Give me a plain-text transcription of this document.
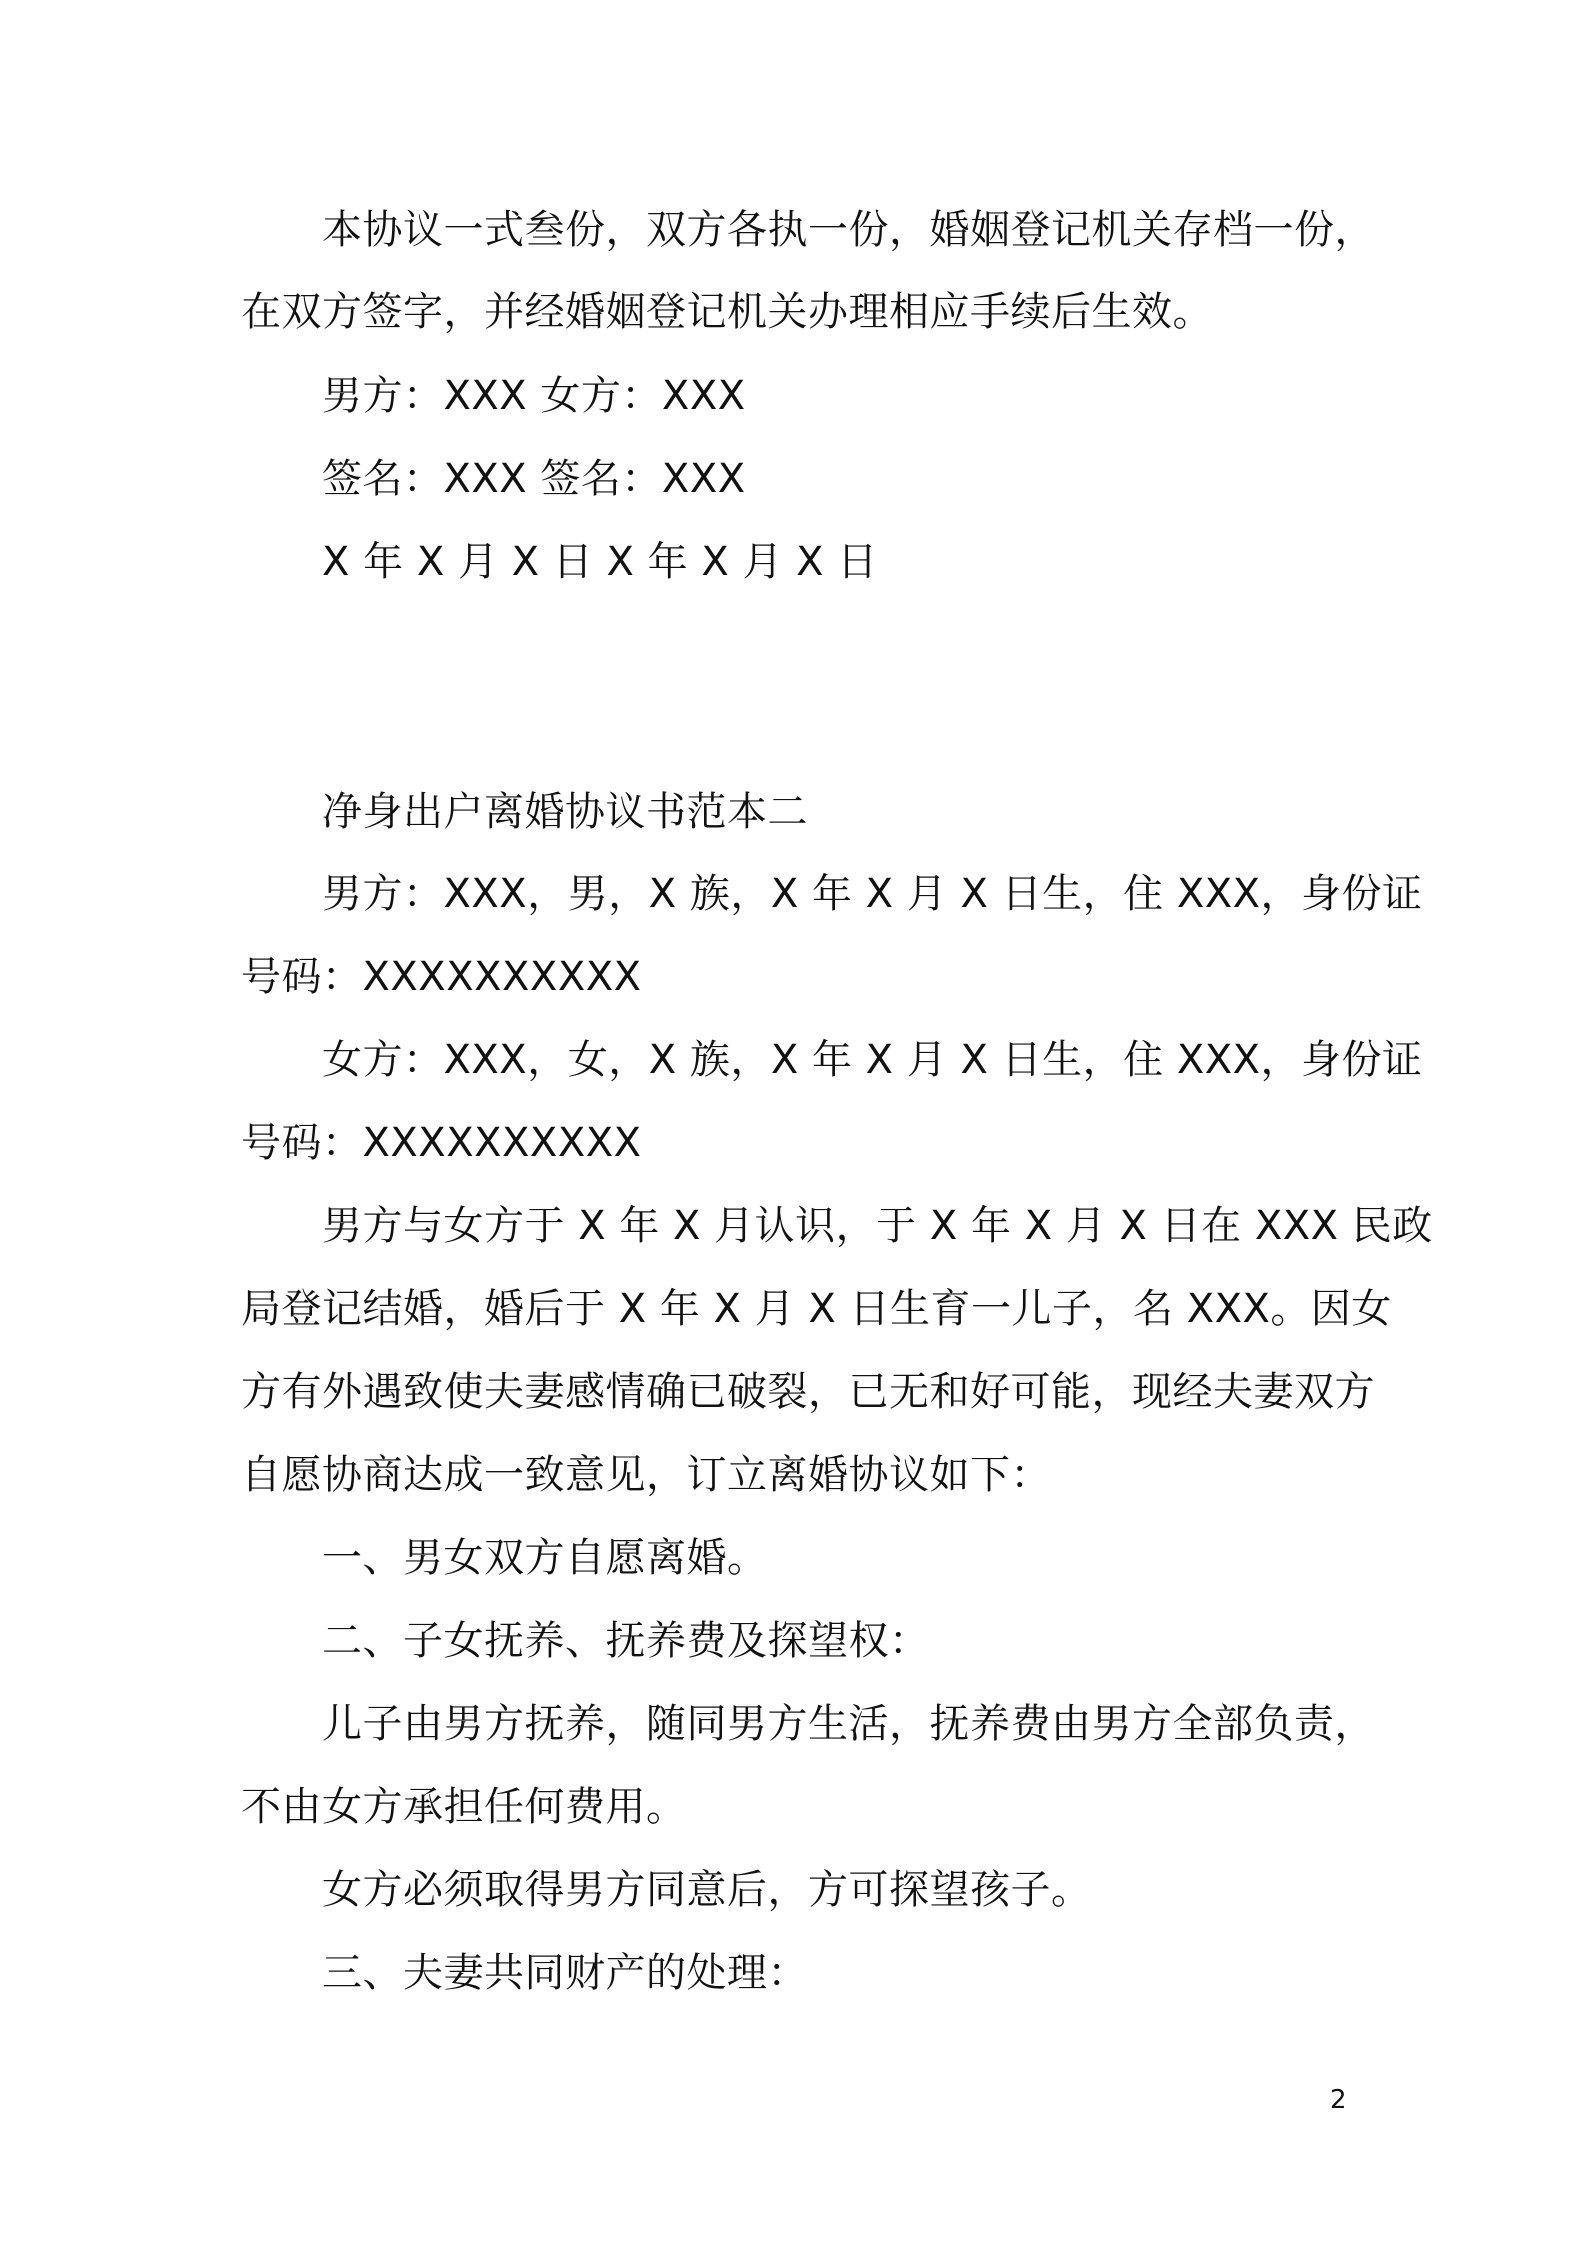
本协议一式叁份，双方各执一份，婚姻登记机关存档一份，
在双方签字，并经婚姻登记机关办理相应手续后生效。
男方：XXX 女方：XXX
签名：XXX 签名：XXX
X 年 X 月 X 日 X 年 X 月 X 日
净身出户离婚协议书范本二
男方：XXX，男，X 族，X 年 X 月 X 日生，住 XXX，身份证
号码：XXXXXXXXXX
女方：XXX，女，X 族，X 年 X 月 X 日生，住 XXX，身份证
号码：XXXXXXXXXX
男方与女方于 X 年 X 月认识，于 X 年 X 月 X 日在 XXX 民政
局登记结婚，婚后于 X 年 X 月 X 日生育一儿子，名 XXX。因女
方有外遇致使夫妻感情确已破裂，已无和好可能，现经夫妻双方
自愿协商达成一致意见，订立离婚协议如下：
一、男女双方自愿离婚。
二、子女抚养、抚养费及探望权：
儿子由男方抚养，随同男方生活，抚养费由男方全部负责，
不由女方承担任何费用。
女方必须取得男方同意后，方可探望孩子。
三、夫妻共同财产的处理：
2
